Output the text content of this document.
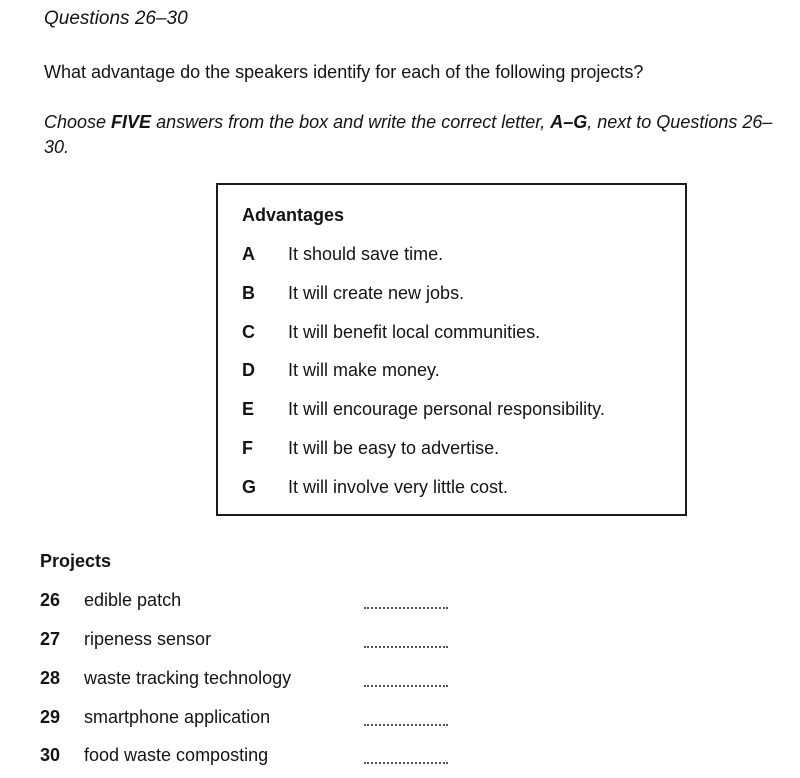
Questions 26–30
What advantage do the speakers identify for each of the following projects?
Choose FIVE answers from the box and write the correct letter, A–G, next to Questions 26–30.
Advantages
A	It should save time.
B	It will create new jobs.
C	It will benefit local communities.
D	It will make money.
E	It will encourage personal responsibility.
F	It will be easy to advertise.
G	It will involve very little cost.
Projects
26 edible patch
27 ripeness sensor
28 waste tracking technology
29 smartphone application
30 food waste composting
